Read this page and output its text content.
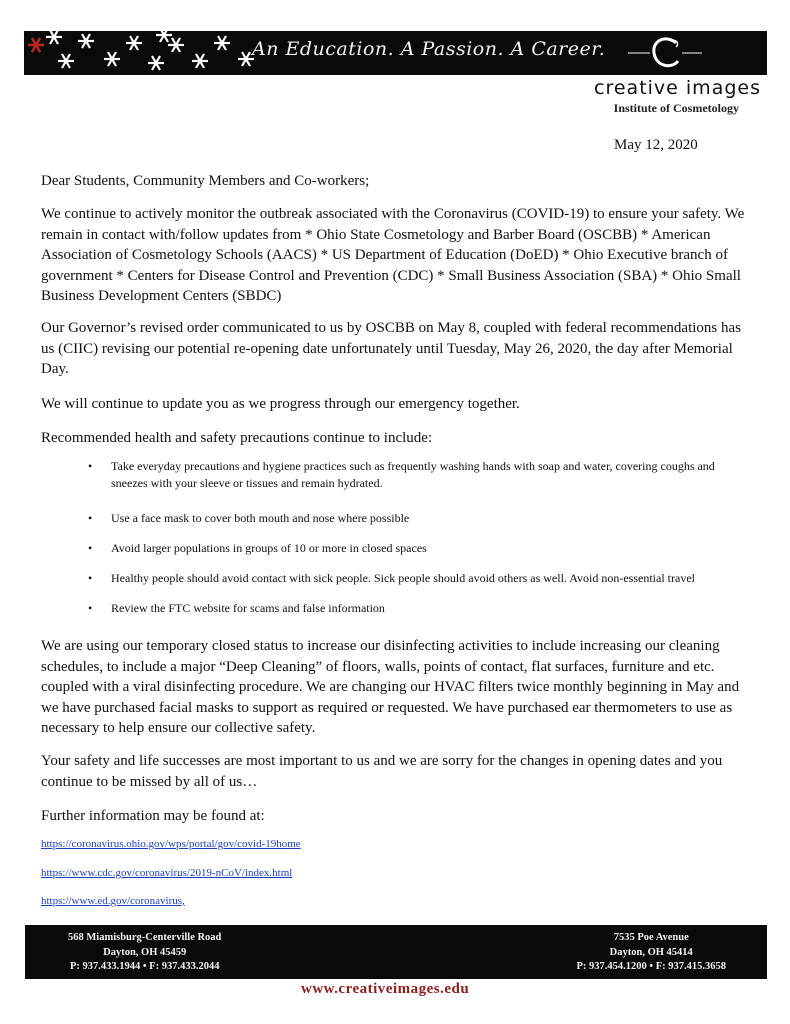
An Education. A Passion. A Career.
creative images
Institute of Cosmetology
May 12, 2020

Dear Students, Community Members and Co-workers;

We continue to actively monitor the outbreak associated with the Coronavirus (COVID-19) to ensure your safety. We remain in contact with/follow updates from * Ohio State Cosmetology and Barber Board (OSCBB) * American Association of Cosmetology Schools (AACS) * US Department of Education (DoED) * Ohio Executive branch of government * Centers for Disease Control and Prevention (CDC) * Small Business Association (SBA) * Ohio Small Business Development Centers (SBDC)

Our Governor’s revised order communicated to us by OSCBB on May 8, coupled with federal recommendations has us (CIIC) revising our potential re-opening date unfortunately until Tuesday, May 26, 2020, the day after Memorial Day.

We will continue to update you as we progress through our emergency together.

Recommended health and safety precautions continue to include:

• Take everyday precautions and hygiene practices such as frequently washing hands with soap and water, covering coughs and sneezes with your sleeve or tissues and remain hydrated.
• Use a face mask to cover both mouth and nose where possible
• Avoid larger populations in groups of 10 or more in closed spaces
• Healthy people should avoid contact with sick people. Sick people should avoid others as well. Avoid non-essential travel
• Review the FTC website for scams and false information

We are using our temporary closed status to increase our disinfecting activities to include increasing our cleaning schedules, to include a major “Deep Cleaning” of floors, walls, points of contact, flat surfaces, furniture and etc. coupled with a viral disinfecting procedure. We are changing our HVAC filters twice monthly beginning in May and we have purchased facial masks to support as required or requested. We have purchased ear thermometers to use as necessary to help ensure our collective safety.

Your safety and life successes are most important to us and we are sorry for the changes in opening dates and you continue to be missed by all of us…

Further information may be found at:

https://coronavirus.ohio.gov/wps/portal/gov/covid-19home
https://www.cdc.gov/coronavirus/2019-nCoV/index.html
https://www.ed.gov/coronavirus,
568 Miamisburg-Centerville Road
Dayton, OH 45459
P: 937.433.1944 • F: 937.433.2044
7535 Poe Avenue
Dayton, OH 45414
P: 937.454.1200 • F: 937.415.3658
www.creativeimages.edu
